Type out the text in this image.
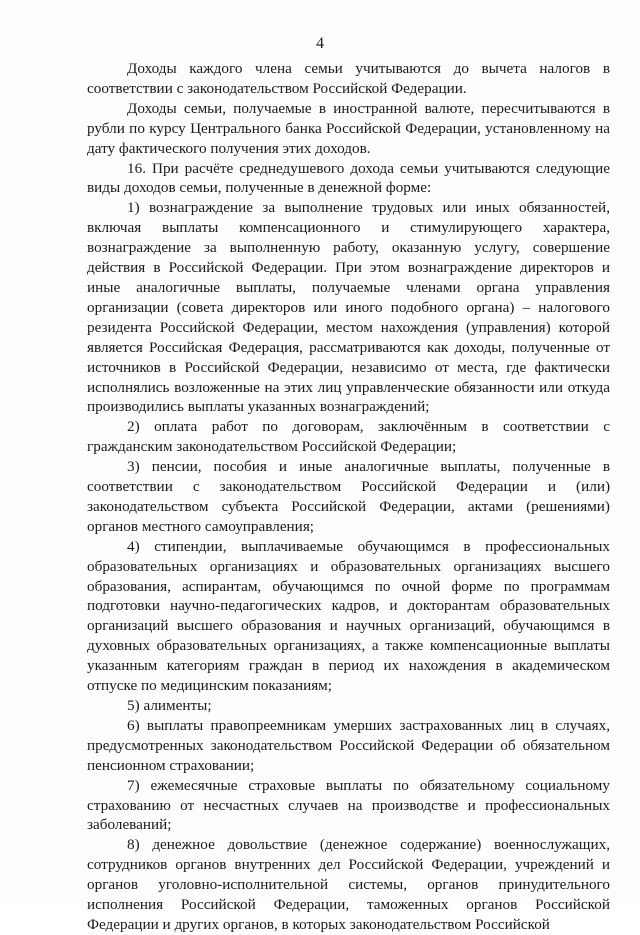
4

Доходы каждого члена семьи учитываются до вычета налогов в соответствии с законодательством Российской Федерации.

Доходы семьи, получаемые в иностранной валюте, пересчитываются в рубли по курсу Центрального банка Российской Федерации, установленному на дату фактического получения этих доходов.

16. При расчёте среднедушевого дохода семьи учитываются следующие виды доходов семьи, полученные в денежной форме:

1) вознаграждение за выполнение трудовых или иных обязанностей, включая выплаты компенсационного и стимулирующего характера, вознаграждение за выполненную работу, оказанную услугу, совершение действия в Российской Федерации. При этом вознаграждение директоров и иные аналогичные выплаты, получаемые членами органа управления организации (совета директоров или иного подобного органа) – налогового резидента Российской Федерации, местом нахождения (управления) которой является Российская Федерация, рассматриваются как доходы, полученные от источников в Российской Федерации, независимо от места, где фактически исполнялись возложенные на этих лиц управленческие обязанности или откуда производились выплаты указанных вознаграждений;

2) оплата работ по договорам, заключённым в соответствии с гражданским законодательством Российской Федерации;

3) пенсии, пособия и иные аналогичные выплаты, полученные в соответствии с законодательством Российской Федерации и (или) законодательством субъекта Российской Федерации, актами (решениями) органов местного самоуправления;

4) стипендии, выплачиваемые обучающимся в профессиональных образовательных организациях и образовательных организациях высшего образования, аспирантам, обучающимся по очной форме по программам подготовки научно-педагогических кадров, и докторантам образовательных организаций высшего образования и научных организаций, обучающимся в духовных образовательных организациях, а также компенсационные выплаты указанным категориям граждан в период их нахождения в академическом отпуске по медицинским показаниям;

5) алименты;

6) выплаты правопреемникам умерших застрахованных лиц в случаях, предусмотренных законодательством Российской Федерации об обязательном пенсионном страховании;

7) ежемесячные страховые выплаты по обязательному социальному страхованию от несчастных случаев на производстве и профессиональных заболеваний;

8) денежное довольствие (денежное содержание) военнослужащих, сотрудников органов внутренних дел Российской Федерации, учреждений и органов уголовно-исполнительной системы, органов принудительного исполнения Российской Федерации, таможенных органов Российской Федерации и других органов, в которых законодательством Российской
